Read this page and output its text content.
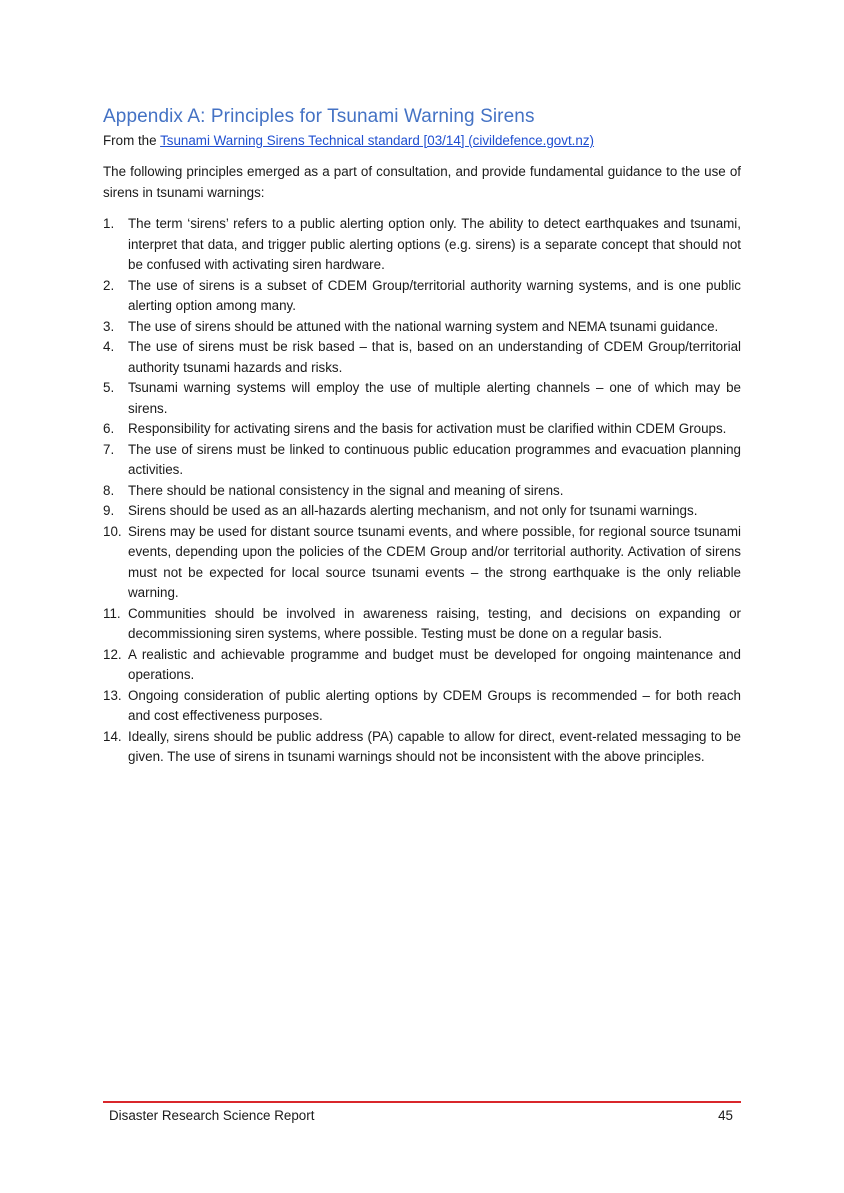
Appendix A: Principles for Tsunami Warning Sirens

From the Tsunami Warning Sirens Technical standard [03/14] (civildefence.govt.nz)

The following principles emerged as a part of consultation, and provide fundamental guidance to the use of sirens in tsunami warnings:

1. The term ‘sirens’ refers to a public alerting option only. The ability to detect earthquakes and tsunami, interpret that data, and trigger public alerting options (e.g. sirens) is a separate concept that should not be confused with activating siren hardware.
2. The use of sirens is a subset of CDEM Group/territorial authority warning systems, and is one public alerting option among many.
3. The use of sirens should be attuned with the national warning system and NEMA tsunami guidance.
4. The use of sirens must be risk based – that is, based on an understanding of CDEM Group/territorial authority tsunami hazards and risks.
5. Tsunami warning systems will employ the use of multiple alerting channels – one of which may be sirens.
6. Responsibility for activating sirens and the basis for activation must be clarified within CDEM Groups.
7. The use of sirens must be linked to continuous public education programmes and evacuation planning activities.
8. There should be national consistency in the signal and meaning of sirens.
9. Sirens should be used as an all-hazards alerting mechanism, and not only for tsunami warnings.
10. Sirens may be used for distant source tsunami events, and where possible, for regional source tsunami events, depending upon the policies of the CDEM Group and/or territorial authority. Activation of sirens must not be expected for local source tsunami events – the strong earthquake is the only reliable warning.
11. Communities should be involved in awareness raising, testing, and decisions on expanding or decommissioning siren systems, where possible. Testing must be done on a regular basis.
12. A realistic and achievable programme and budget must be developed for ongoing maintenance and operations.
13. Ongoing consideration of public alerting options by CDEM Groups is recommended – for both reach and cost effectiveness purposes.
14. Ideally, sirens should be public address (PA) capable to allow for direct, event-related messaging to be given. The use of sirens in tsunami warnings should not be inconsistent with the above principles.
Disaster Research Science Report	45
